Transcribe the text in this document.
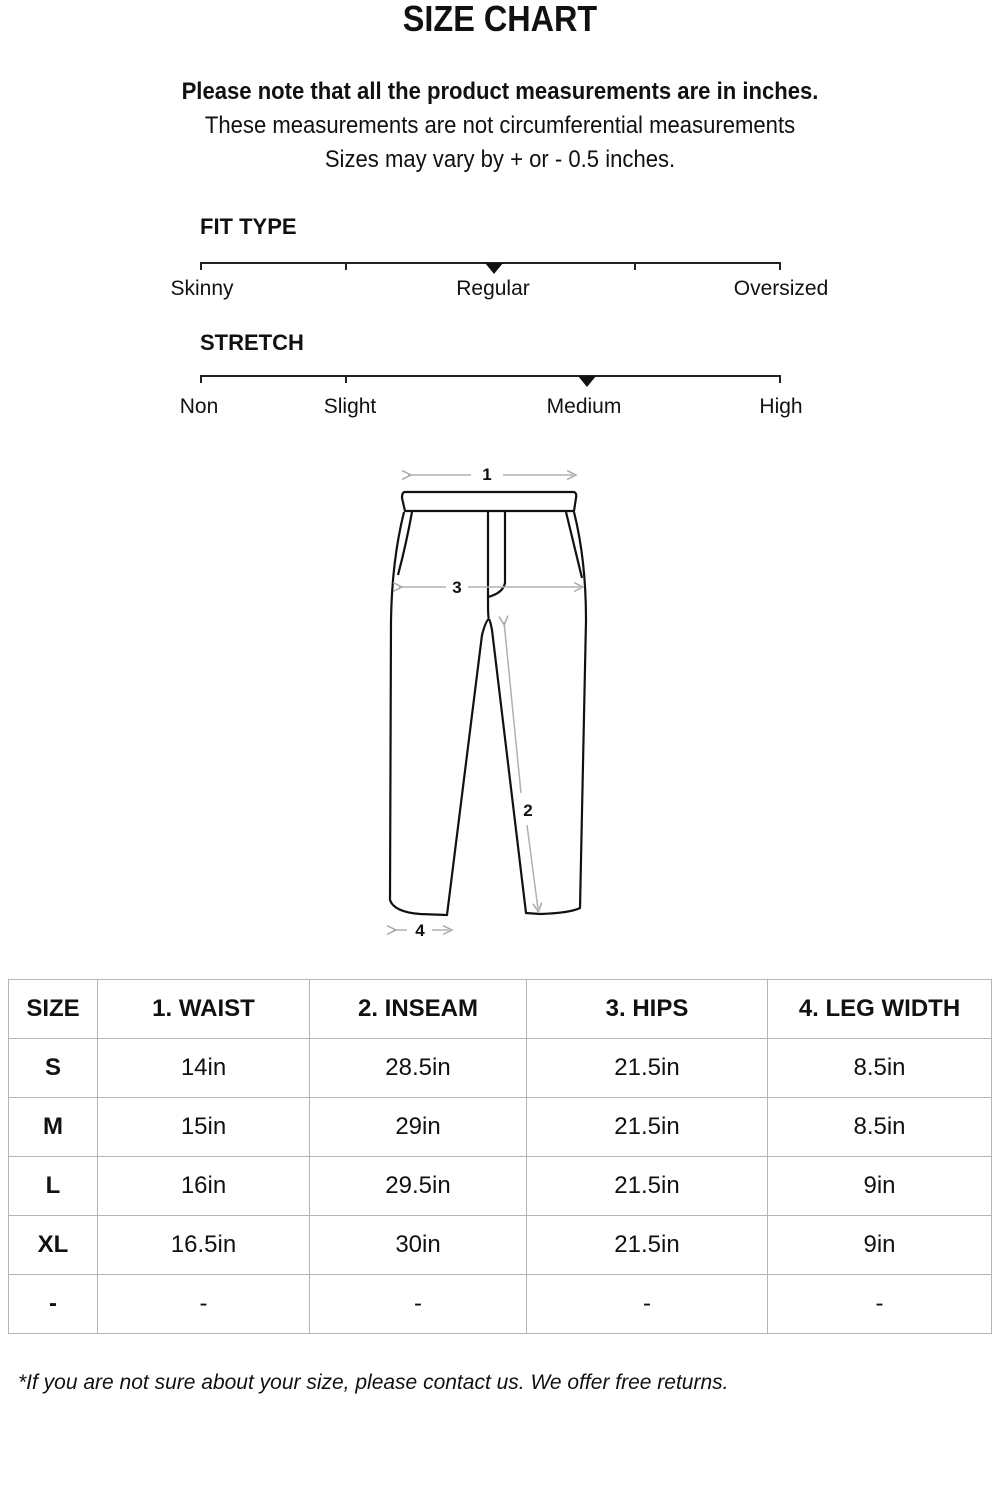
SIZE CHART
Please note that all the product measurements are in inches.
These measurements are not circumferential measurements
Sizes may vary by + or - 0.5 inches.
FIT TYPE
Skinny	Regular	Oversized
STRETCH
Non	Slight	Medium	High
1
2
3
4
SIZE	1. WAIST	2. INSEAM	3. HIPS	4. LEG WIDTH
S	14in	28.5in	21.5in	8.5in
M	15in	29in	21.5in	8.5in
L	16in	29.5in	21.5in	9in
XL	16.5in	30in	21.5in	9in
-	-	-	-	-
*If you are not sure about your size, please contact us. We offer free returns.
